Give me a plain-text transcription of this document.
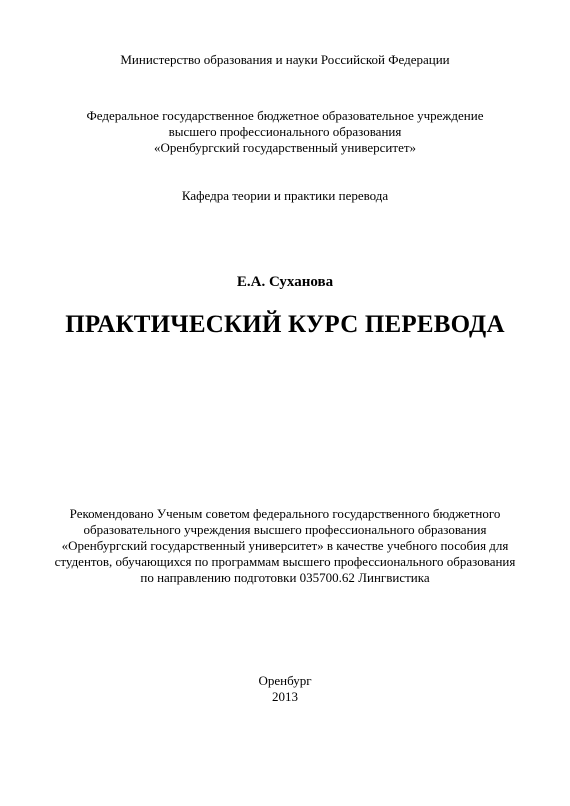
Министерство образования и науки Российской Федерации
Федеральное государственное бюджетное образовательное учреждение
высшего профессионального образования
«Оренбургский государственный университет»
Кафедра теории и практики перевода
Е.А. Суханова
ПРАКТИЧЕСКИЙ КУРС ПЕРЕВОДА
Рекомендовано Ученым советом федерального государственного бюджетного
образовательного учреждения высшего профессионального образования
«Оренбургский государственный университет» в качестве учебного пособия для
студентов, обучающихся по программам высшего профессионального образования
по направлению подготовки 035700.62 Лингвистика
Оренбург
2013
